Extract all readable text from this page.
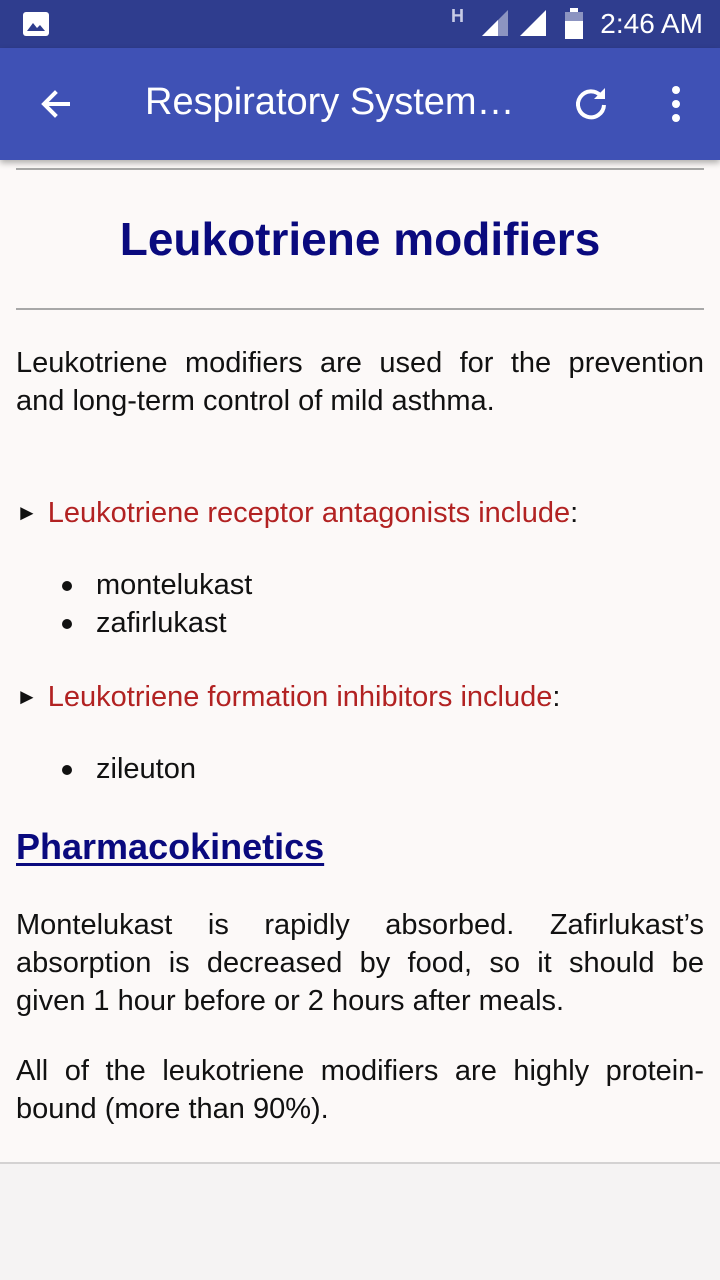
H	2:46 AM
Respiratory System…
Leukotriene modifiers
Leukotriene modifiers are used for the prevention and long-term control of mild asthma.
► Leukotriene receptor antagonists include:
montelukast
zafirlukast
► Leukotriene formation inhibitors include:
zileuton
Pharmacokinetics
Montelukast is rapidly absorbed. Zafirlukast’s absorption is decreased by food, so it should be given 1 hour before or 2 hours after meals.
All of the leukotriene modifiers are highly protein-bound (more than 90%).
